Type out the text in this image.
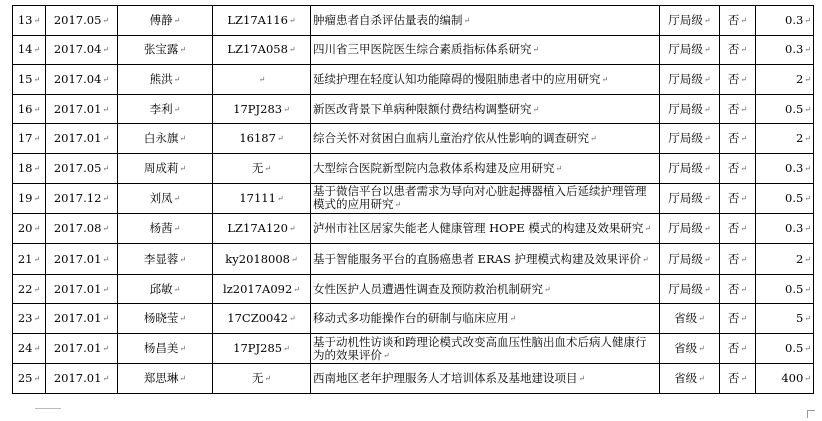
13↵	2017.05↵	傅静↵	LZ17A116↵	肿瘤患者自杀评估量表的编制↵	厅局级↵	否↵	0.3↵
14↵	2017.04↵	张宝露↵	LZ17A058↵	四川省三甲医院医生综合素质指标体系研究↵	厅局级↵	否↵	0.3↵
15↵	2017.04↵	熊洪↵	↵	延续护理在轻度认知功能障碍的慢阻肺患者中的应用研究↵	厅局级↵	否↵	2↵
16↵	2017.01↵	李利↵	17PJ283↵	新医改背景下单病种限额付费结构调整研究↵	厅局级↵	否↵	0.5↵
17↵	2017.01↵	白永旗↵	16187↵	综合关怀对贫困白血病儿童治疗依从性影响的调查研究↵	厅局级↵	否↵	2↵
18↵	2017.05↵	周成莉↵	无↵	大型综合医院新型院内急救体系构建及应用研究↵	厅局级↵	否↵	0.3↵
19↵	2017.12↵	刘凤↵	17111↵	基于微信平台以患者需求为导向对心脏起搏器植入后延续护理管理模式的应用研究↵	厅局级↵	否↵	0.5↵
20↵	2017.08↵	杨茜↵	LZ17A120↵	泸州市社区居家失能老人健康管理 HOPE 模式的构建及效果研究↵	厅局级↵	否↵	0.3↵
21↵	2017.01↵	李显蓉↵	ky2018008↵	基于智能服务平台的直肠癌患者 ERAS 护理模式构建及效果评价↵	厅局级↵	否↵	2↵
22↵	2017.01↵	邱敏↵	lz2017A092↵	女性医护人员遭遇性调查及预防救治机制研究↵	厅局级↵	否↵	0.5↵
23↵	2017.01↵	杨晓莹↵	17CZ0042↵	移动式多功能操作台的研制与临床应用↵	省级↵	否↵	5↵
24↵	2017.01↵	杨昌美↵	17PJ285↵	基于动机性访谈和跨理论模式改变高血压性脑出血术后病人健康行为的效果评价↵	省级↵	否↵	0.5↵
25↵	2017.01↵	郑思琳↵	无↵	西南地区老年护理服务人才培训体系及基地建设项目↵	省级↵	否↵	400↵
